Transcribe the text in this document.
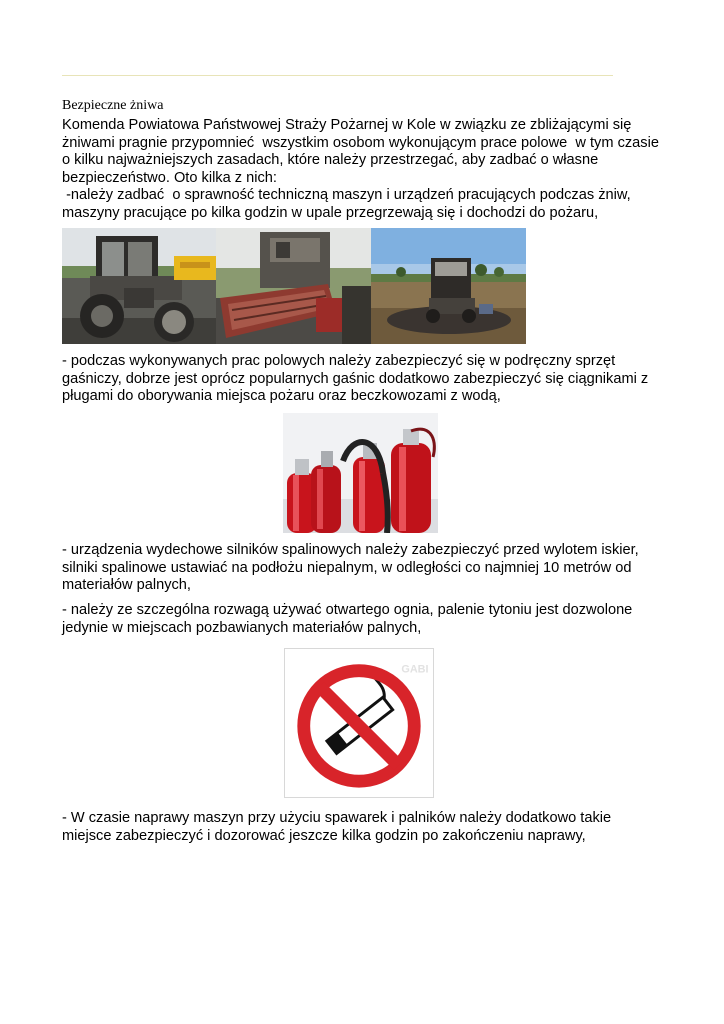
Bezpieczne żniwa
Komenda Powiatowa Państwowej Straży Pożarnej w Kole w związku ze zbliżającymi się żniwami pragnie przypomnieć  wszystkim osobom wykonującym prace polowe  w tym czasie o kilku najważniejszych zasadach, które należy przestrzegać, aby zadbać o własne bezpieczeństwo. Oto kilka z nich:
-należy zadbać  o sprawność techniczną maszyn i urządzeń pracujących podczas żniw, maszyny pracujące po kilka godzin w upale przegrzewają się i dochodzi do pożaru,
- podczas wykonywanych prac polowych należy zabezpieczyć się w podręczny sprzęt gaśniczy, dobrze jest oprócz popularnych gaśnic dodatkowo zabezpieczyć się ciągnikami z pługami do oborywania miejsca pożaru oraz beczkowozami z wodą,
- urządzenia wydechowe silników spalinowych należy zabezpieczyć przed wylotem iskier, silniki spalinowe ustawiać na podłożu niepalnym, w odległości co najmniej 10 metrów od materiałów palnych,
- należy ze szczególna rozwagą używać otwartego ognia, palenie tytoniu jest dozwolone jedynie w miejscach pozbawianych materiałów palnych,
GABI
- W czasie naprawy maszyn przy użyciu spawarek i palników należy dodatkowo takie miejsce zabezpieczyć i dozorować jeszcze kilka godzin po zakończeniu naprawy,
